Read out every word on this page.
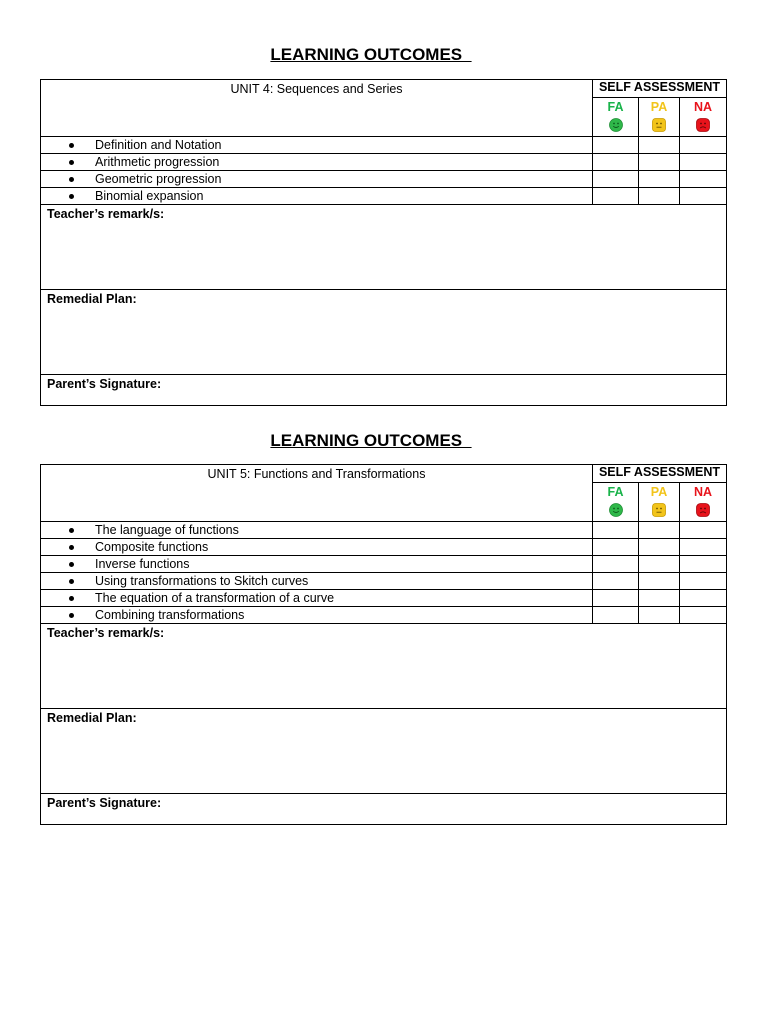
LEARNING OUTCOMES
UNIT 4: Sequences and Series	SELF ASSESSMENT		
	FA	PA	NA

Definition and Notation			

Arithmetic progression			

Geometric progression			

Binomial expansion			
Teacher’s remark/s:			
Remedial Plan:			
Parent’s Signature:			
LEARNING OUTCOMES
UNIT 5: Functions and Transformations	SELF ASSESSMENT		
	FA	PA	NA

The language of functions			

Composite functions			

Inverse functions			

Using transformations to Skitch curves			

The equation of a transformation of a curve			

Combining transformations			
Teacher’s remark/s:			
Remedial Plan:			
Parent’s Signature:			
